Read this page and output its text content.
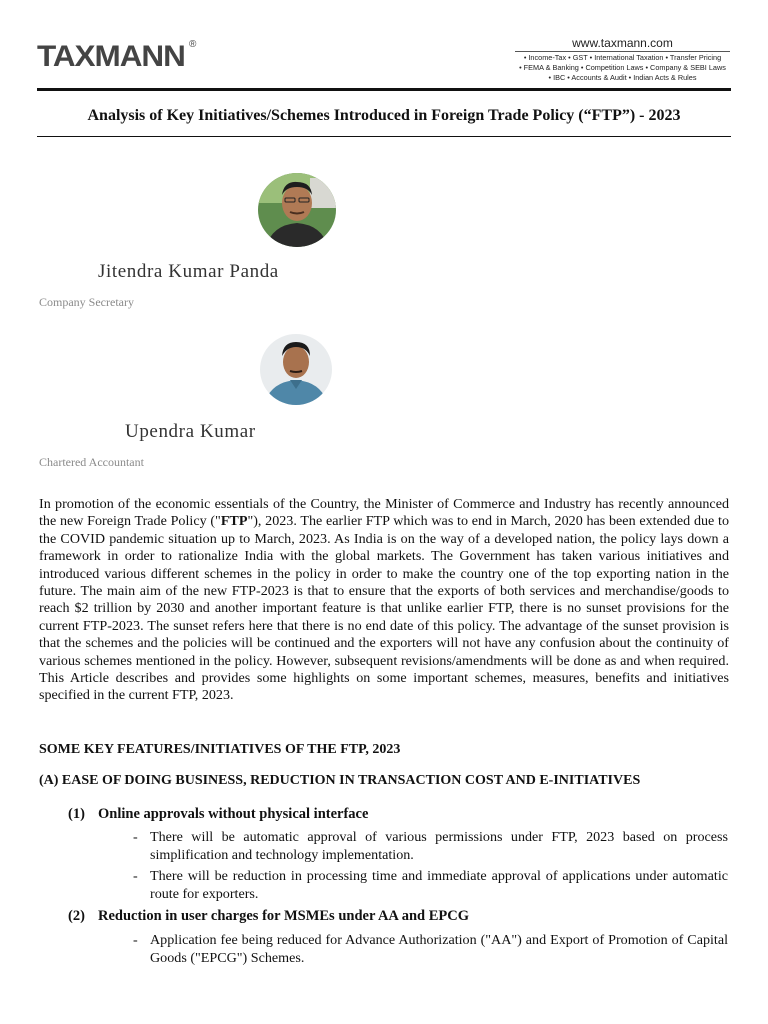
TAXMANN ®	www.taxmann.com
• Income-Tax • GST • International Taxation • Transfer Pricing
• FEMA & Banking • Competition Laws • Company & SEBI Laws
• IBC • Accounts & Audit • Indian Acts & Rules
Analysis of Key Initiatives/Schemes Introduced in Foreign Trade Policy (“FTP”) - 2023
Jitendra Kumar Panda
Company Secretary
Upendra Kumar
Chartered Accountant
In promotion of the economic essentials of the Country, the Minister of Commerce and Industry has recently announced the new Foreign Trade Policy ("FTP"), 2023. The earlier FTP which was to end in March, 2020 has been extended due to the COVID pandemic situation up to March, 2023. As India is on the way of a developed nation, the policy lays down a framework in order to rationalize India with the global markets. The Government has taken various initiatives and introduced various different schemes in the policy in order to make the country one of the top exporting nation in the future. The main aim of the new FTP-2023 is that to ensure that the exports of both services and merchandise/goods to reach $2 trillion by 2030 and another important feature is that unlike earlier FTP, there is no sunset provisions for the current FTP-2023. The sunset refers here that there is no end date of this policy. The advantage of the sunset provision is that the schemes and the policies will be continued and the exporters will not have any confusion about the continuity of various schemes mentioned in the policy. However, subsequent revisions/amendments will be done as and when required. This Article describes and provides some highlights on some important schemes, measures, benefits and initiatives specified in the current FTP, 2023.
SOME KEY FEATURES/INITIATIVES OF THE FTP, 2023
(A) EASE OF DOING BUSINESS, REDUCTION IN TRANSACTION COST AND E-INITIATIVES
(1) Online approvals without physical interface
- There will be automatic approval of various permissions under FTP, 2023 based on process simplification and technology implementation.
- There will be reduction in processing time and immediate approval of applications under automatic route for exporters.
(2) Reduction in user charges for MSMEs under AA and EPCG
- Application fee being reduced for Advance Authorization ("AA") and Export of Promotion of Capital Goods ("EPCG") Schemes.
